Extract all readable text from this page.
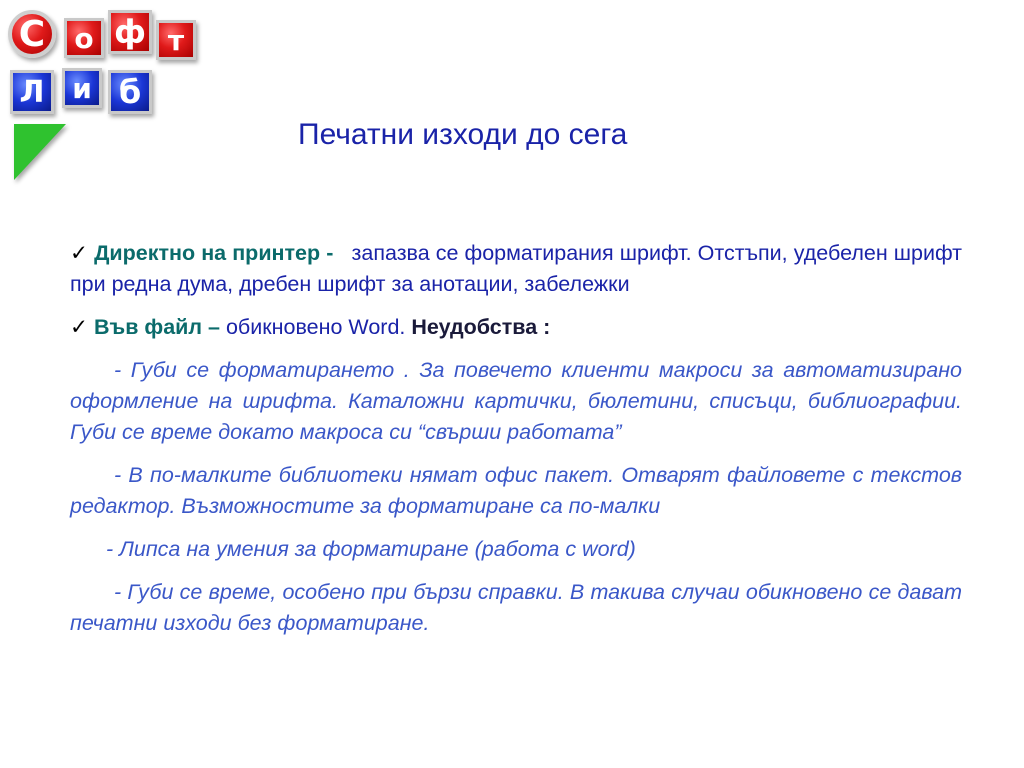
С	о ф т
Л и б
Печатни изходи до сега

✓ Директно на принтер - запазва се форматирания шрифт. Отстъпи, удебелен шрифт при редна дума, дребен шрифт за анотации, забележки

✓ Във файл – обикновено Word. Неудобства :

- Губи се форматирането . За повечето клиенти макроси за автоматизирано оформление на шрифта. Каталожни картички, бюлетини, списъци, библиографии. Губи се време докато макроса си “свърши работата”

- В по-малките библиотеки нямат офис пакет. Отварят файловете с текстов редактор. Възможностите за форматиране са по-малки

- Липса на умения за форматиране (работа с word)

- Губи се време, особено при бързи справки. В такива случаи обикновено се дават печатни изходи без форматиране.
